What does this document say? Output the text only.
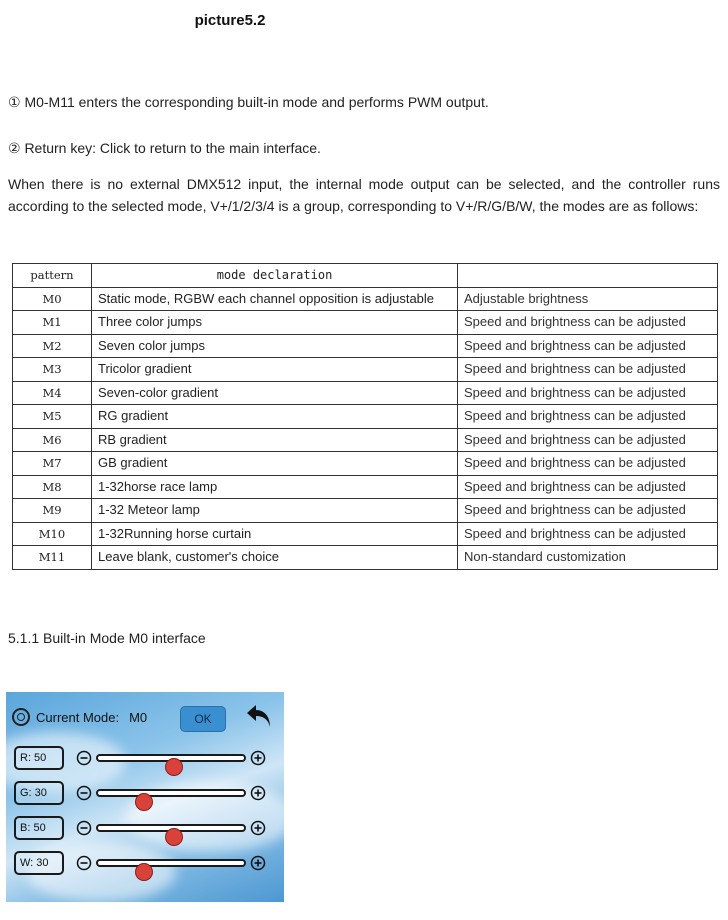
picture5.2
① M0-M11 enters the corresponding built-in mode and performs PWM output.
② Return key: Click to return to the main interface.
When there is no external DMX512 input, the internal mode output can be selected, and the controller runs according to the selected mode, V+/1/2/3/4 is a group, corresponding to V+/R/G/B/W, the modes are as follows:
pattern	mode declaration	
M0	Static mode, RGBW each channel opposition is adjustable	Adjustable brightness
M1	Three color jumps	Speed and brightness can be adjusted
M2	Seven color jumps	Speed and brightness can be adjusted
M3	Tricolor gradient	Speed and brightness can be adjusted
M4	Seven-color gradient	Speed and brightness can be adjusted
M5	RG gradient	Speed and brightness can be adjusted
M6	RB gradient	Speed and brightness can be adjusted
M7	GB gradient	Speed and brightness can be adjusted
M8	1-32horse race lamp	Speed and brightness can be adjusted
M9	1-32 Meteor lamp	Speed and brightness can be adjusted
M10	1-32Running horse curtain	Speed and brightness can be adjusted
M11	Leave blank, customer's choice	Non-standard customization
5.1.1 Built-in Mode M0 interface
Current Mode: M0	OK
R: 50
G: 30
B: 50
W: 30
